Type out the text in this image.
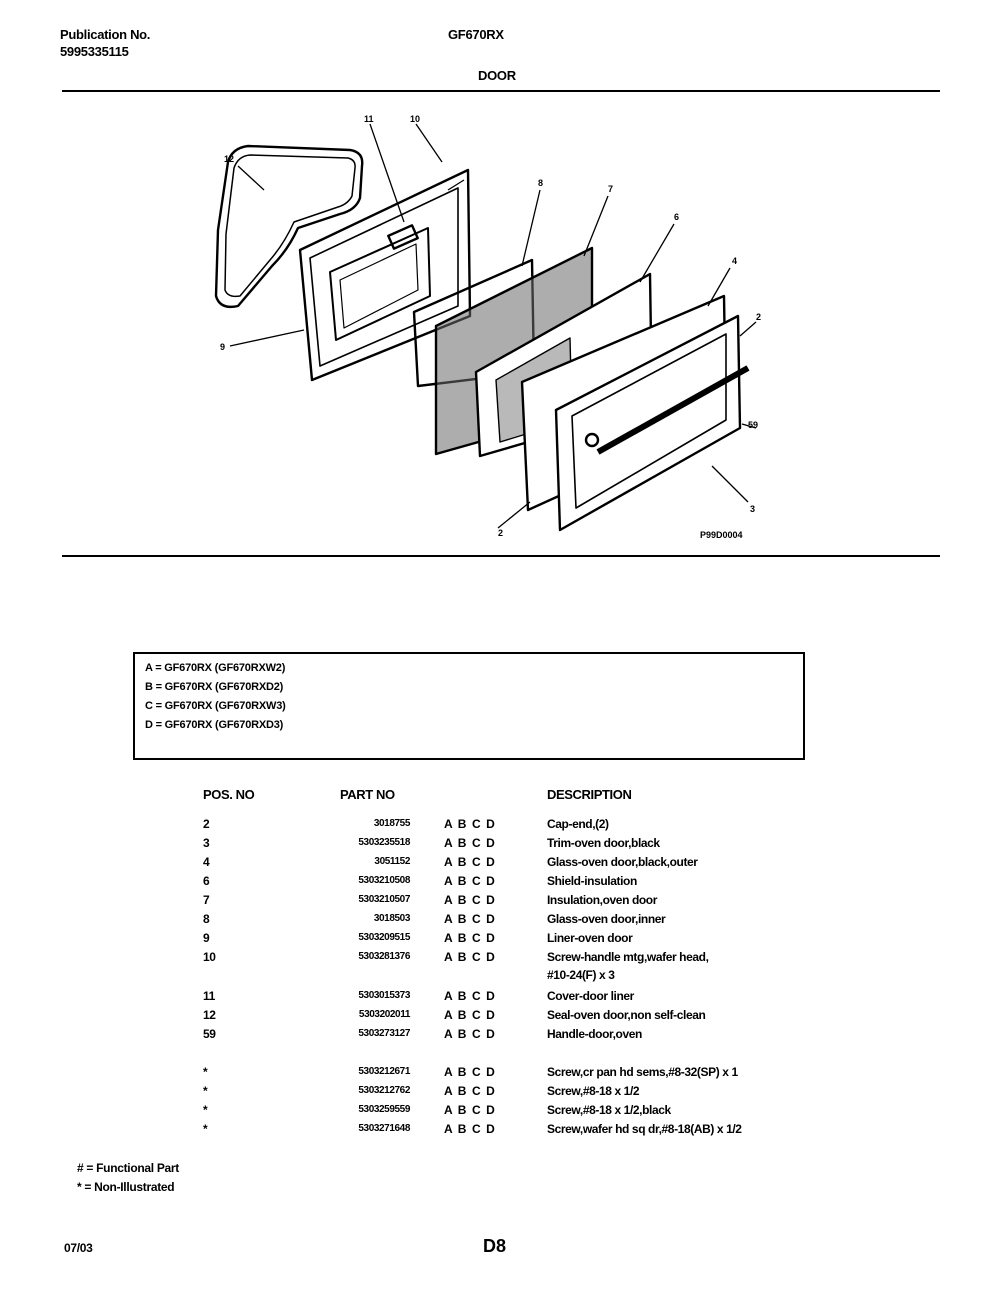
Publication No.
5995335115
GF670RX
DOOR
12
11	10
8
7
6
4
2
59
9
3
2	P99D0004
A = GF670RX (GF670RXW2)
B = GF670RX (GF670RXD2)
C = GF670RX (GF670RXW3)
D = GF670RX (GF670RXD3)
POS. NO	PART NO	DESCRIPTION
2	3018755	A B C D	Cap-end,(2)
3	5303235518	A B C D	Trim-oven door,black
4	3051152	A B C D	Glass-oven door,black,outer
6	5303210508	A B C D	Shield-insulation
7	5303210507	A B C D	Insulation,oven door
8	3018503	A B C D	Glass-oven door,inner
9	5303209515	A B C D	Liner-oven door
10	5303281376	A B C D	Screw-handle mtg,wafer head,
#10-24(F) x 3
11	5303015373	A B C D	Cover-door liner
12	5303202011	A B C D	Seal-oven door,non self-clean
59	5303273127	A B C D	Handle-door,oven
*	5303212671	A B C D	Screw,cr pan hd sems,#8-32(SP) x 1
*	5303212762	A B C D	Screw,#8-18 x 1/2
*	5303259559	A B C D	Screw,#8-18 x 1/2,black
*	5303271648	A B C D	Screw,wafer hd sq dr,#8-18(AB) x 1/2
# = Functional Part
* = Non-Illustrated
07/03	D8
